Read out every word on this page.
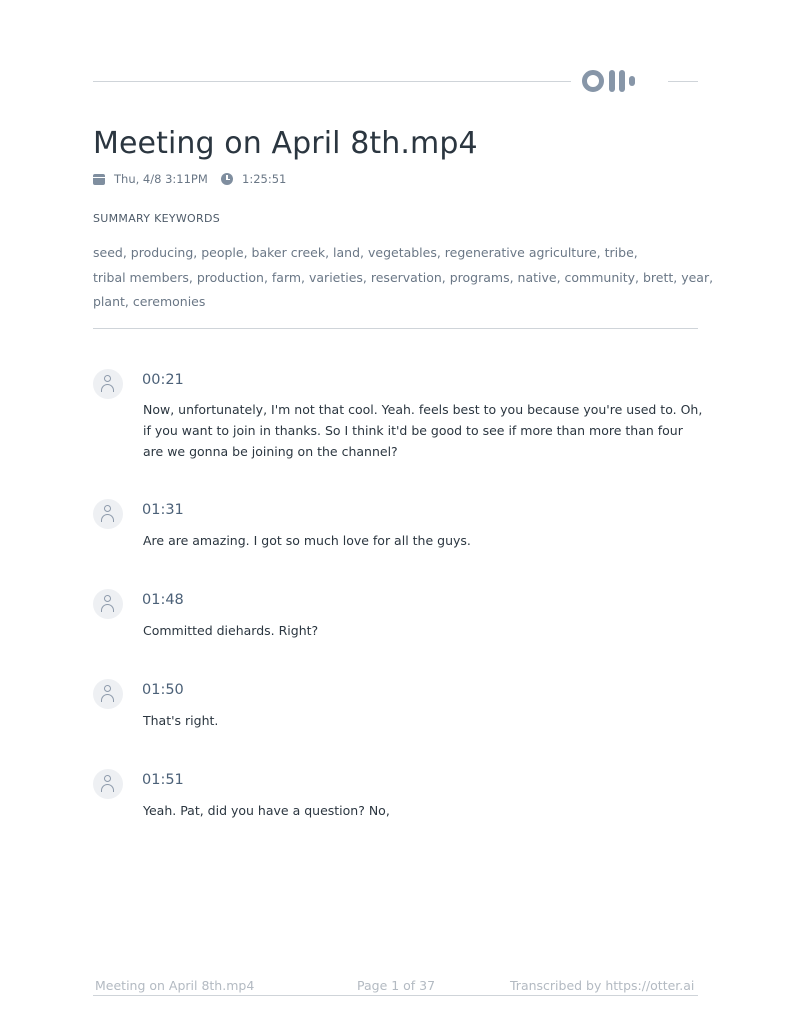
Meeting on April 8th.mp4
Thu, 4/8 3:11PM	1:25:51
SUMMARY KEYWORDS
seed, producing, people, baker creek, land, vegetables, regenerative agriculture, tribe,
tribal members, production, farm, varieties, reservation, programs, native, community, brett, year,
plant, ceremonies
00:21
Now, unfortunately, I'm not that cool. Yeah. feels best to you because you're used to. Oh, if you want to join in thanks. So I think it'd be good to see if more than more than four are we gonna be joining on the channel?
01:31
Are are amazing. I got so much love for all the guys.
01:48
Committed diehards. Right?
01:50
That's right.
01:51
Yeah. Pat, did you have a question? No,
Meeting on April 8th.mp4	Page 1 of 37	Transcribed by https://otter.ai
